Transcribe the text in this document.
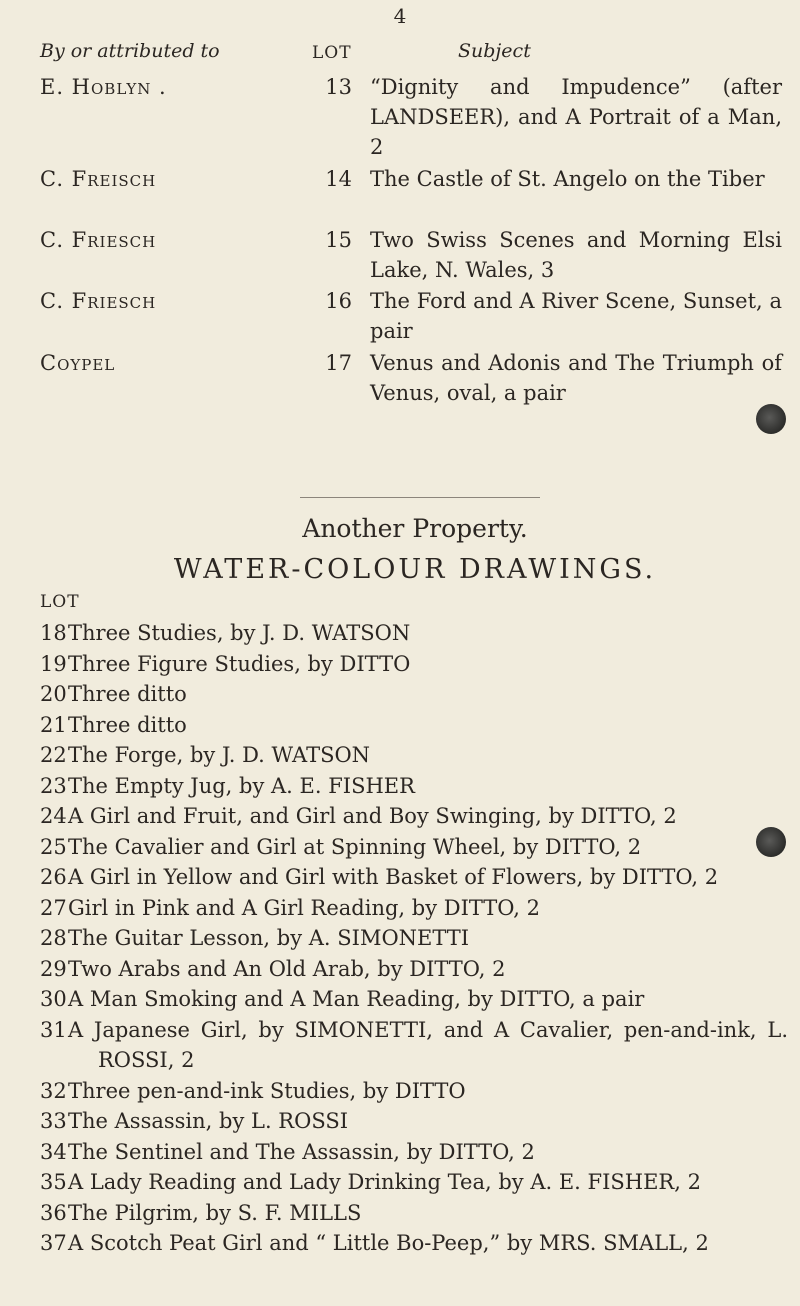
4
By or attributed to	LOT	Subject
E. Hoblyn .	13 “Dignity and Impudence” (after LANDSEER), and A Portrait of a Man, 2
C. Freisch	14 The Castle of St. Angelo on the Tiber
C. Friesch	15 Two Swiss Scenes and Morning Elsi Lake, N. Wales, 3
C. Friesch	16 The Ford and A River Scene, Sunset, a pair
Coypel	17 Venus and Adonis and The Triumph of Venus, oval, a pair
Another Property.
WATER-COLOUR DRAWINGS.
LOT
18 Three Studies, by J. D. WATSON
19 Three Figure Studies, by DITTO
20 Three ditto
21 Three ditto
22 The Forge, by J. D. WATSON
23 The Empty Jug, by A. E. FISHER
24 A Girl and Fruit, and Girl and Boy Swinging, by DITTO, 2
25 The Cavalier and Girl at Spinning Wheel, by DITTO, 2
26 A Girl in Yellow and Girl with Basket of Flowers, by DITTO, 2
27 Girl in Pink and A Girl Reading, by DITTO, 2
28 The Guitar Lesson, by A. SIMONETTI
29 Two Arabs and An Old Arab, by DITTO, 2
30 A Man Smoking and A Man Reading, by DITTO, a pair
31 A Japanese Girl, by SIMONETTI, and A Cavalier, pen-and-ink, L. ROSSI, 2
32 Three pen-and-ink Studies, by DITTO
33 The Assassin, by L. ROSSI
34 The Sentinel and The Assassin, by DITTO, 2
35 A Lady Reading and Lady Drinking Tea, by A. E. FISHER, 2
36 The Pilgrim, by S. F. MILLS
37 A Scotch Peat Girl and “ Little Bo-Peep,” by MRS. SMALL, 2
